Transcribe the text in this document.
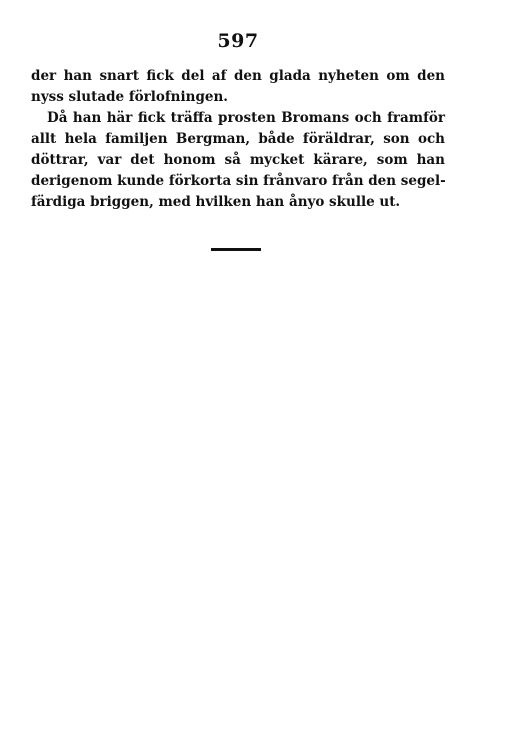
597
der han snart fick del af den glada nyheten om den
nyss slutade förlofningen.
Då han här fick träffa prosten Bromans och framför
allt hela familjen Bergman, både föräldrar, son och
döttrar, var det honom så mycket kärare, som han
derigenom kunde förkorta sin frånvaro från den segel-
färdiga briggen, med hvilken han ånyo skulle ut.
